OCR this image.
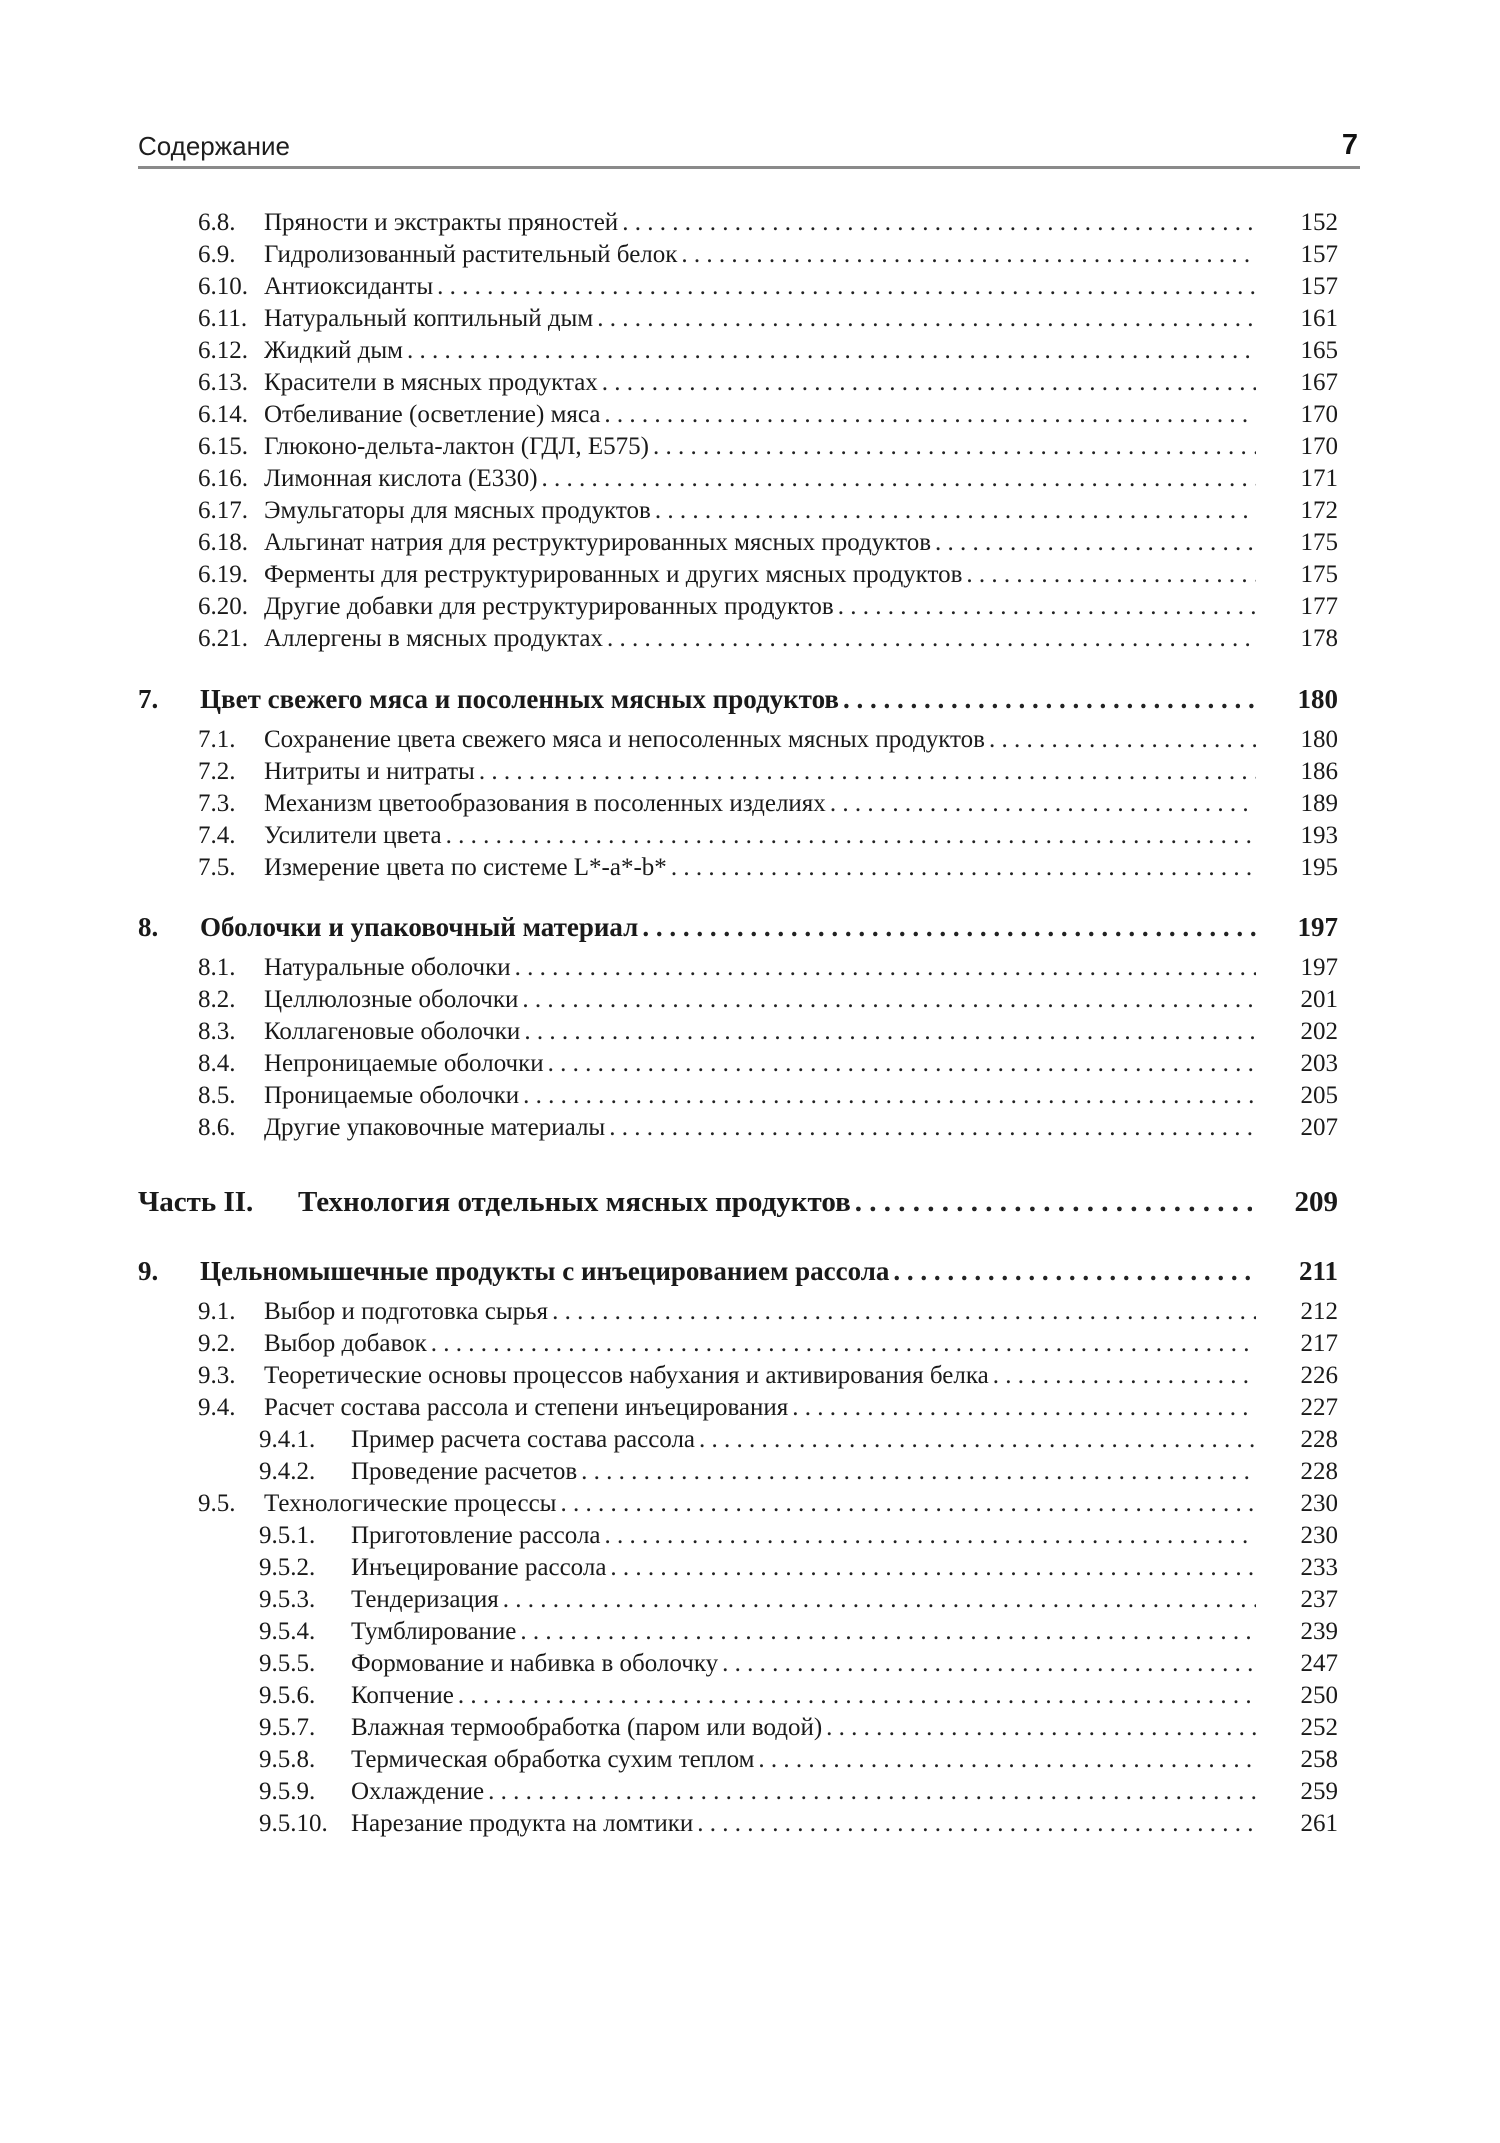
Содержание	7
6.8.	Пряности и экстракты пряностей . . .	152
6.9.	Гидролизованный растительный белок . . .	157
6.10. Антиоксиданты . . .	157
6.11. Натуральный коптильный дым . . .	161
6.12. Жидкий дым . . .	165
6.13. Красители в мясных продуктах . . .	167
6.14. Отбеливание (осветление) мяса . . .	170
6.15. Глюконо-дельта-лактон (ГДЛ, Е575) . . .	170
6.16. Лимонная кислота (Е330) . . .	171
6.17. Эмульгаторы для мясных продуктов . . .	172
6.18. Альгинат натрия для реструктурированных мясных продуктов . . .	175
6.19. Ферменты для реструктурированных и других мясных продуктов . . .	175
6.20. Другие добавки для реструктурированных продуктов . . .	177
6.21. Аллергены в мясных продуктах . . .	178
7.	Цвет свежего мяса и посоленных мясных продуктов . . .	180
7.1.	Сохранение цвета свежего мяса и непосоленных мясных продуктов . . .	180
7.2.	Нитриты и нитраты . . .	186
7.3.	Механизм цветообразования в посоленных изделиях . . .	189
7.4.	Усилители цвета . . .	193
7.5.	Измерение цвета по системе L*-a*-b* . . .	195
8.	Оболочки и упаковочный материал . . .	197
8.1.	Натуральные оболочки . . .	197
8.2.	Целлюлозные оболочки . . .	201
8.3.	Коллагеновые оболочки . . .	202
8.4.	Непроницаемые оболочки . . .	203
8.5.	Проницаемые оболочки . . .	205
8.6.	Другие упаковочные материалы . . .	207
Часть II.	Технология отдельных мясных продуктов . . .	209
9.	Цельномышечные продукты с инъецированием рассола . . .	211
9.1.	Выбор и подготовка сырья . . .	212
9.2.	Выбор добавок . . .	217
9.3.	Теоретические основы процессов набухания и активирования белка . . .	226
9.4.	Расчет состава рассола и степени инъецирования . . .	227
9.4.1.	Пример расчета состава рассола . . .	228
9.4.2.	Проведение расчетов . . .	228
9.5.	Технологические процессы . . .	230
9.5.1.	Приготовление рассола . . .	230
9.5.2.	Инъецирование рассола . . .	233
9.5.3.	Тендеризация . . .	237
9.5.4.	Тумблирование . . .	239
9.5.5.	Формование и набивка в оболочку . . .	247
9.5.6.	Копчение . . .	250
9.5.7.	Влажная термообработка (паром или водой) . . .	252
9.5.8.	Термическая обработка сухим теплом . . .	258
9.5.9.	Охлаждение . . .	259
9.5.10. Нарезание продукта на ломтики . . .	261
